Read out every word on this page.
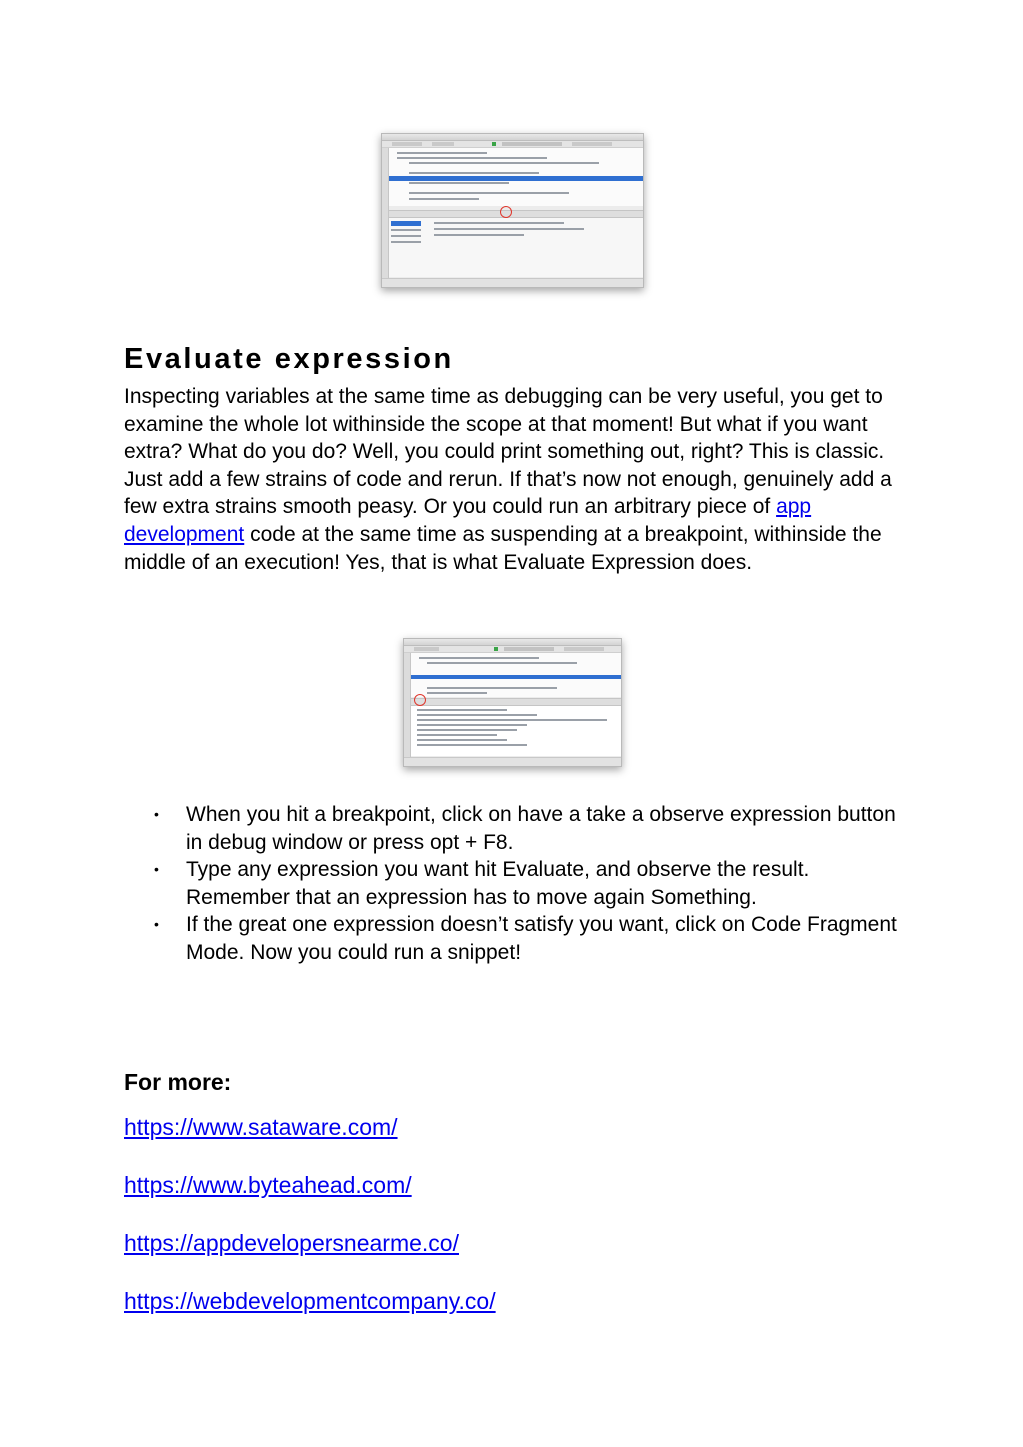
Evaluate expression

Inspecting variables at the same time as debugging can be very useful, you get to examine the whole lot withinside the scope at that moment! But what if you want extra? What do you do? Well, you could print something out, right? This is classic. Just add a few strains of code and rerun. If that’s now not enough, genuinely add a few extra strains smooth peasy. Or you could run an arbitrary piece of app development code at the same time as suspending at a breakpoint, withinside the middle of an execution! Yes, that is what Evaluate Expression does.

• When you hit a breakpoint, click on have a take a observe expression button in debug window or press opt + F8.
• Type any expression you want hit Evaluate, and observe the result. Remember that an expression has to move again Something.
• If the great one expression doesn’t satisfy you want, click on Code Fragment Mode. Now you could run a snippet!
For more:
https://www.sataware.com/
https://www.byteahead.com/
https://appdevelopersnearme.co/
https://webdevelopmentcompany.co/
